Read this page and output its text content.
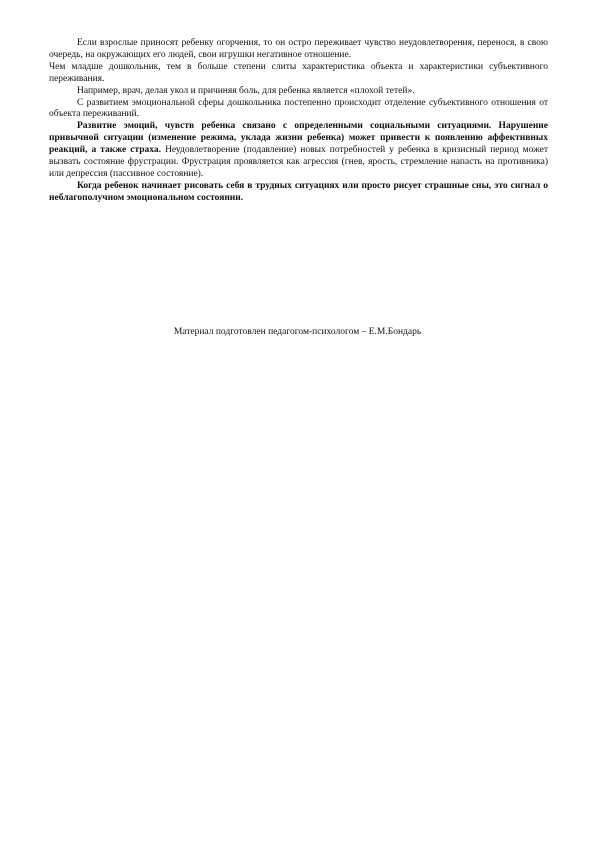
Если взрослые приносят ребенку огорчения, то он остро переживает чувство неудовлетворения, перенося, в свою очередь, на окружающих его людей, свои игрушки негативное отношение.

Чем младше дошкольник, тем в больше степени слиты характеристика объекта и характеристики субъективного переживания.

Например, врач, делая укол и причиняя боль, для ребенка является «плохой тетей».

С развитием эмоциональной сферы дошкольника постепенно происходит отделение субъективного отношения от объекта переживаний.

Развитие эмоций, чувств ребенка связано с определенными социальными ситуациями. Нарушение привычной ситуации (изменение режима, уклада жизни ребенка) может привести к появлению аффективных реакций, а также страха. Неудовлетворение (подавление) новых потребностей у ребенка в кризисный период может вызвать состояние фрустрации. Фрустрация проявляется как агрессия (гнев, ярость, стремление напасть на противника) или депрессия (пассивное состояние).

Когда ребенок начинает рисовать себя в трудных ситуациях или просто рисует страшные сны, это сигнал о неблагополучном эмоциональном состоянии.

Материал подготовлен педагогом-психологом – Е.М.Бондарь
